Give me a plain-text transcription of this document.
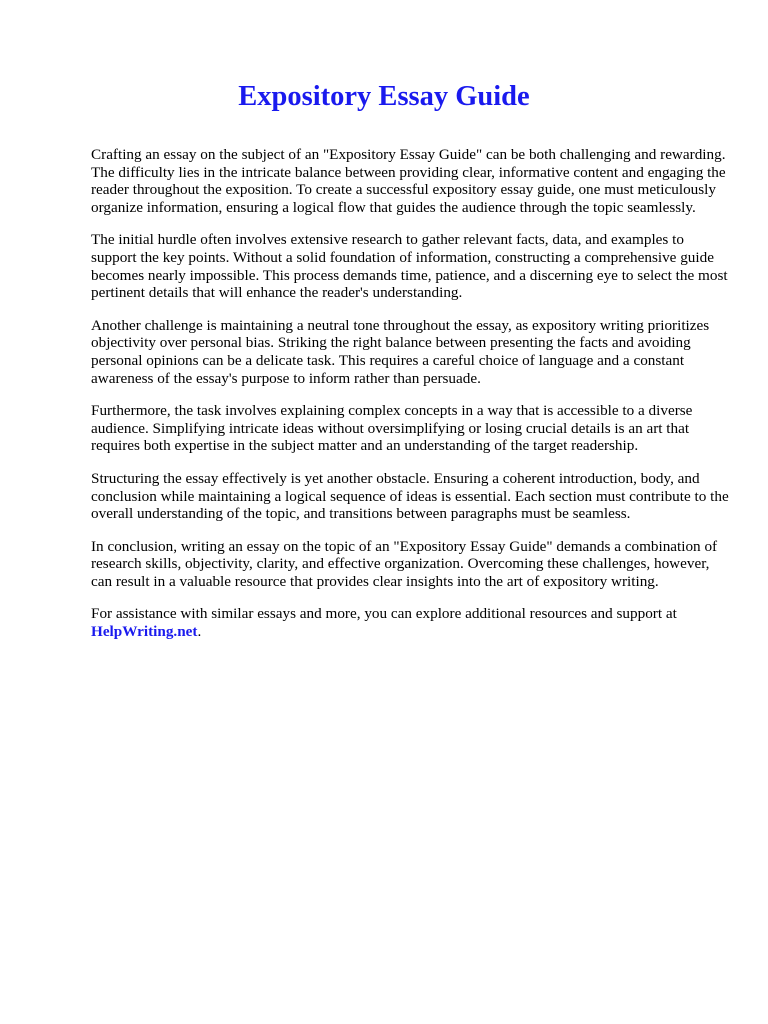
Expository Essay Guide

Crafting an essay on the subject of an "Expository Essay Guide" can be both challenging and rewarding. The difficulty lies in the intricate balance between providing clear, informative content and engaging the reader throughout the exposition. To create a successful expository essay guide, one must meticulously organize information, ensuring a logical flow that guides the audience through the topic seamlessly.

The initial hurdle often involves extensive research to gather relevant facts, data, and examples to support the key points. Without a solid foundation of information, constructing a comprehensive guide becomes nearly impossible. This process demands time, patience, and a discerning eye to select the most pertinent details that will enhance the reader's understanding.

Another challenge is maintaining a neutral tone throughout the essay, as expository writing prioritizes objectivity over personal bias. Striking the right balance between presenting the facts and avoiding personal opinions can be a delicate task. This requires a careful choice of language and a constant awareness of the essay's purpose to inform rather than persuade.

Furthermore, the task involves explaining complex concepts in a way that is accessible to a diverse audience. Simplifying intricate ideas without oversimplifying or losing crucial details is an art that requires both expertise in the subject matter and an understanding of the target readership.

Structuring the essay effectively is yet another obstacle. Ensuring a coherent introduction, body, and conclusion while maintaining a logical sequence of ideas is essential. Each section must contribute to the overall understanding of the topic, and transitions between paragraphs must be seamless.

In conclusion, writing an essay on the topic of an "Expository Essay Guide" demands a combination of research skills, objectivity, clarity, and effective organization. Overcoming these challenges, however, can result in a valuable resource that provides clear insights into the art of expository writing.

For assistance with similar essays and more, you can explore additional resources and support at
HelpWriting.net.
